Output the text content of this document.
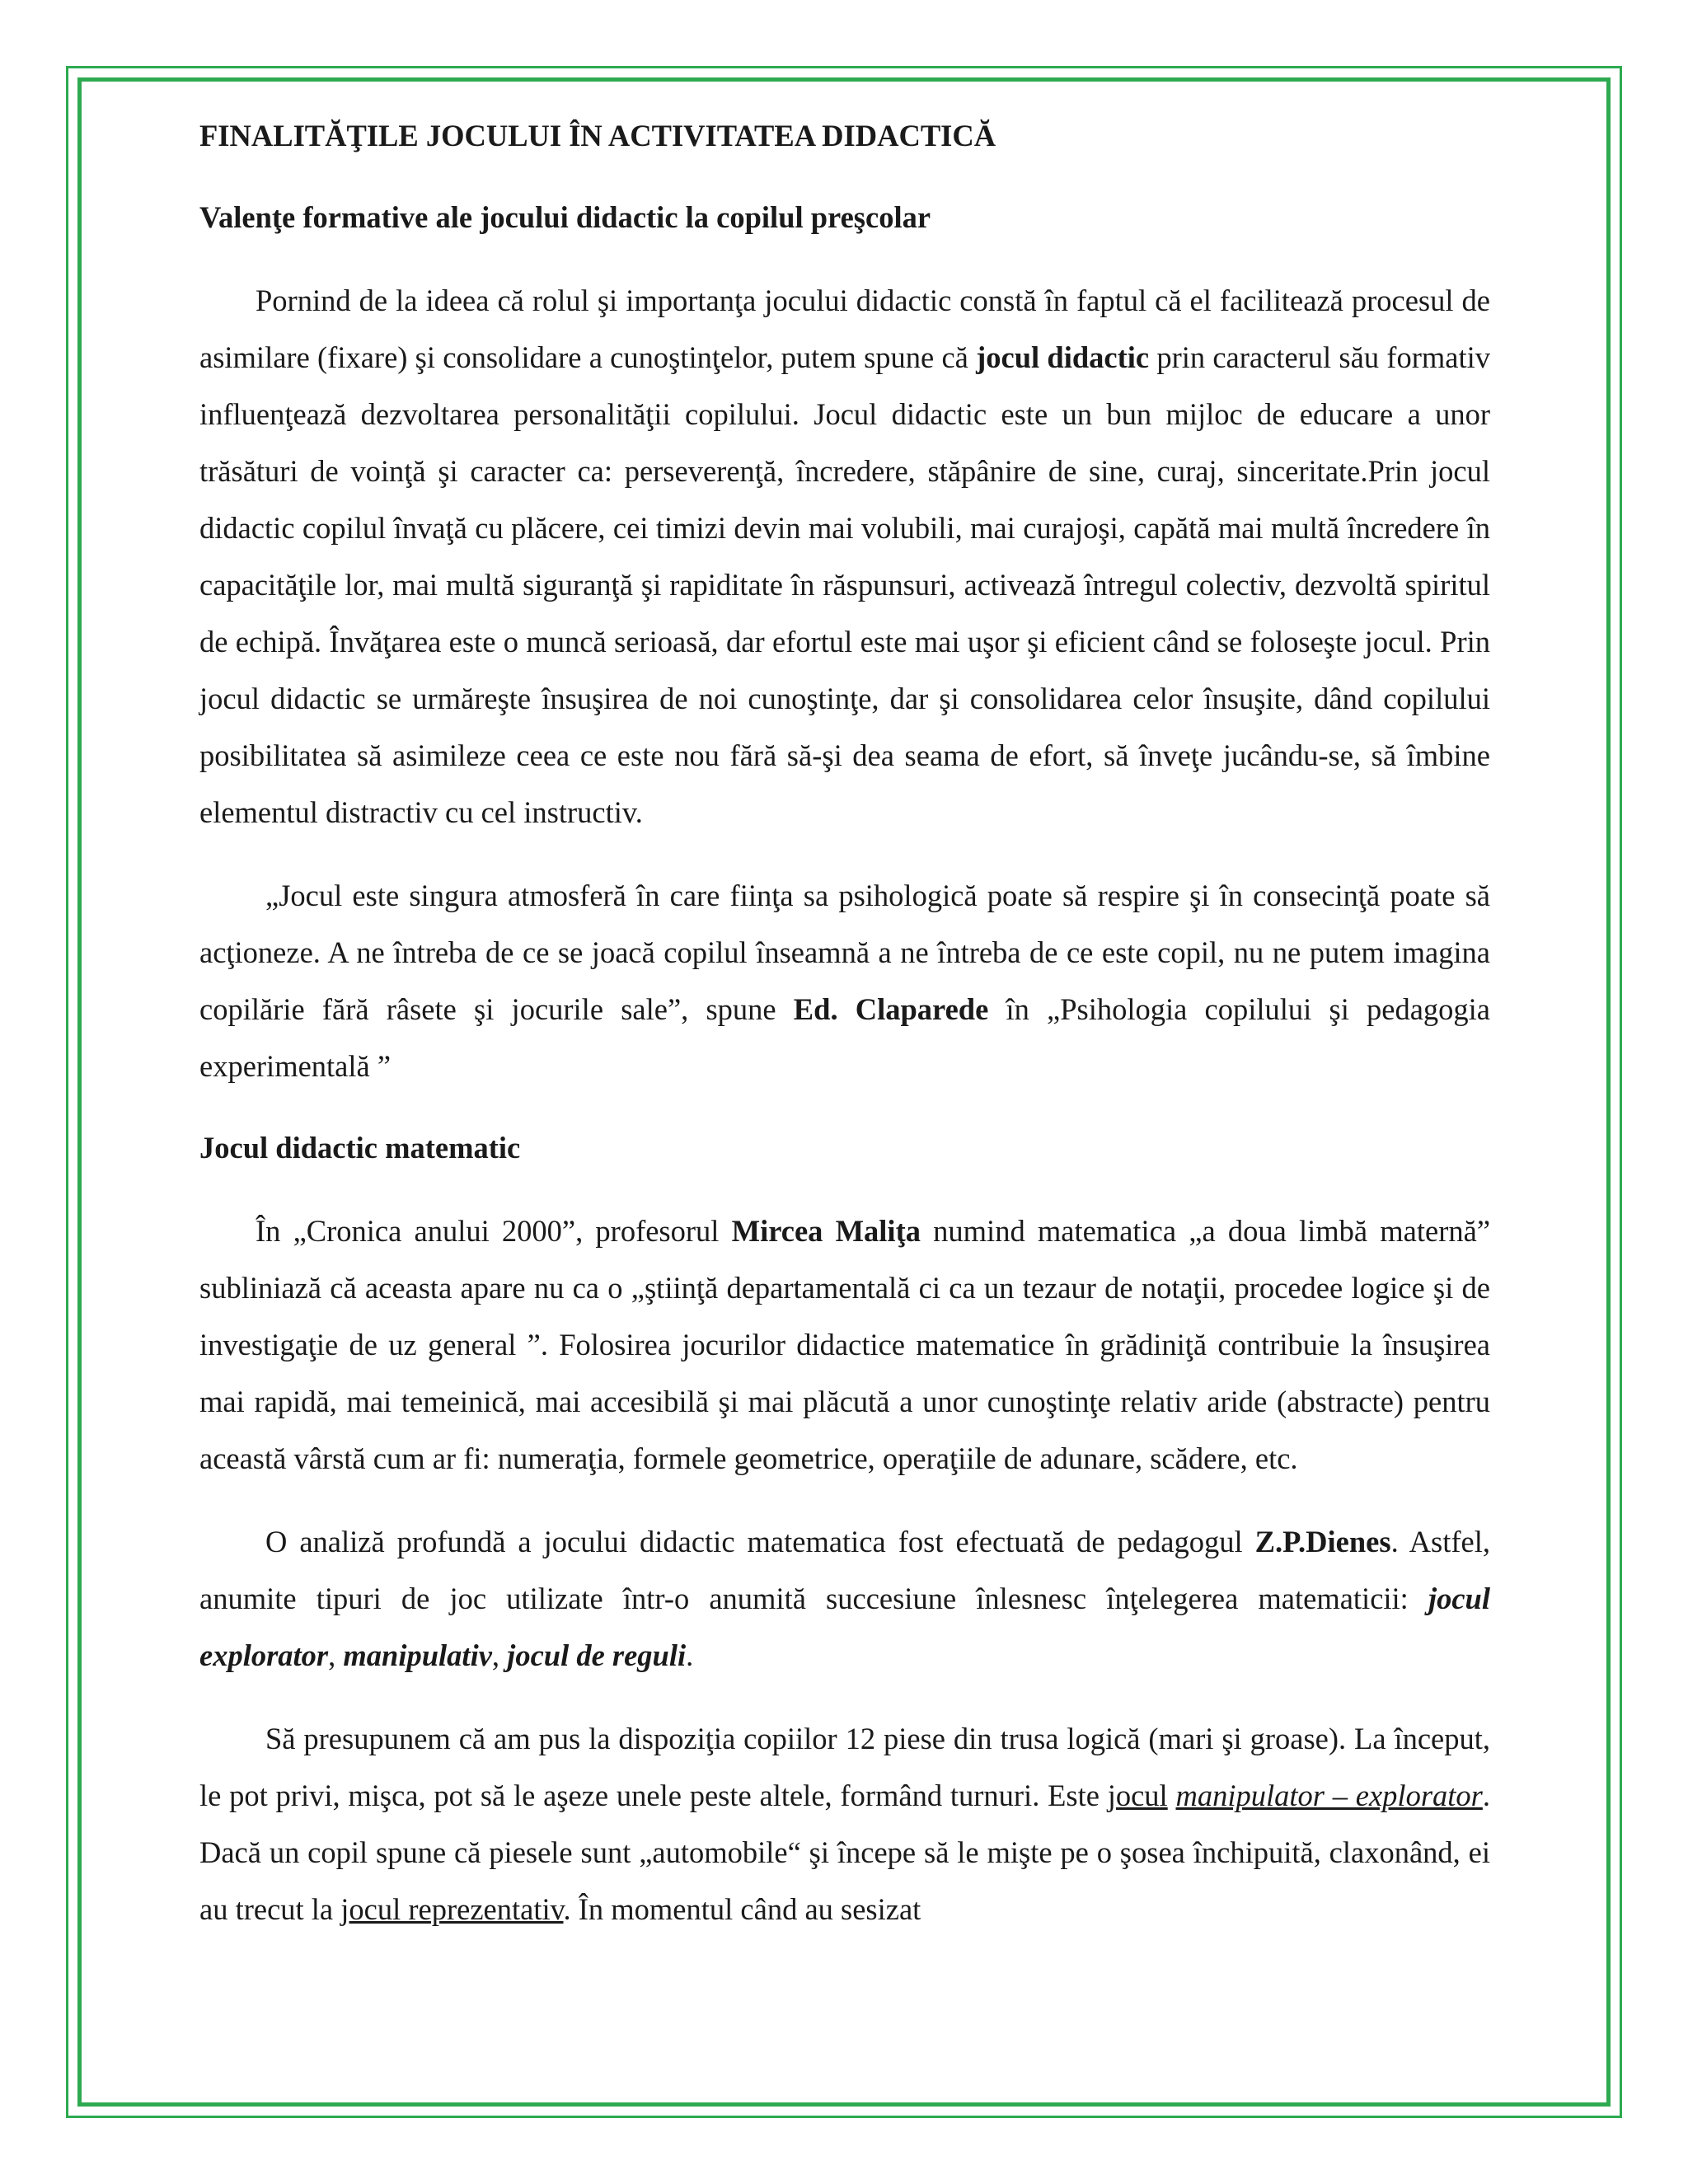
FINALITĂŢILE JOCULUI ÎN ACTIVITATEA DIDACTICĂ
Valenţe formative ale jocului didactic la copilul preşcolar

Pornind de la ideea că rolul şi importanţa jocului didactic constă în faptul că el facilitează procesul de asimilare (fixare) şi consolidare a cunoştinţelor, putem spune că jocul didactic prin caracterul său formativ influenţează dezvoltarea personalităţii copilului. Jocul didactic este un bun mijloc de educare a unor trăsături de voinţă şi caracter ca: perseverenţă, încredere, stăpânire de sine, curaj, sinceritate.Prin jocul didactic copilul învaţă cu plăcere, cei timizi devin mai volubili, mai curajoşi, capătă mai multă încredere în capacităţile lor, mai multă siguranţă şi rapiditate în răspunsuri, activează întregul colectiv, dezvoltă spiritul de echipă. Învăţarea este o muncă serioasă, dar efortul este mai uşor şi eficient când se foloseşte jocul. Prin jocul didactic se urmăreşte însuşirea de noi cunoştinţe, dar şi consolidarea celor însuşite, dând copilului posibilitatea să asimileze ceea ce este nou fără să-şi dea seama de efort, să înveţe jucându-se, să îmbine elementul distractiv cu cel instructiv.

„Jocul este singura atmosferă în care fiinţa sa psihologică poate să respire şi în consecinţă poate să acţioneze. A ne întreba de ce se joacă copilul înseamnă a ne întreba de ce este copil, nu ne putem imagina copilărie fără râsete şi jocurile sale”, spune Ed. Claparede în „Psihologia copilului şi pedagogia experimentală ”

Jocul didactic matematic

În „Cronica anului 2000”, profesorul Mircea Maliţa numind matematica „a doua limbă maternă” subliniază că aceasta apare nu ca o „ştiinţă departamentală ci ca un tezaur de notaţii, procedee logice şi de investigaţie de uz general ”. Folosirea jocurilor didactice matematice în grădiniţă contribuie la însuşirea mai rapidă, mai temeinică, mai accesibilă şi mai plăcută a unor cunoştinţe relativ aride (abstracte) pentru această vârstă cum ar fi: numeraţia, formele geometrice, operaţiile de adunare, scădere, etc.

O analiză profundă a jocului didactic matematica fost efectuată de pedagogul Z.P.Dienes. Astfel, anumite tipuri de joc utilizate într-o anumită succesiune înlesnesc înţelegerea matematicii: jocul explorator, manipulativ, jocul de reguli.

Să presupunem că am pus la dispoziţia copiilor 12 piese din trusa logică (mari şi groase). La început, le pot privi, mişca, pot să le aşeze unele peste altele, formând turnuri. Este jocul manipulator – explorator. Dacă un copil spune că piesele sunt „automobile“ şi începe să le mişte pe o şosea închipuită, claxonând, ei au trecut la jocul reprezentativ. În momentul când au sesizat
